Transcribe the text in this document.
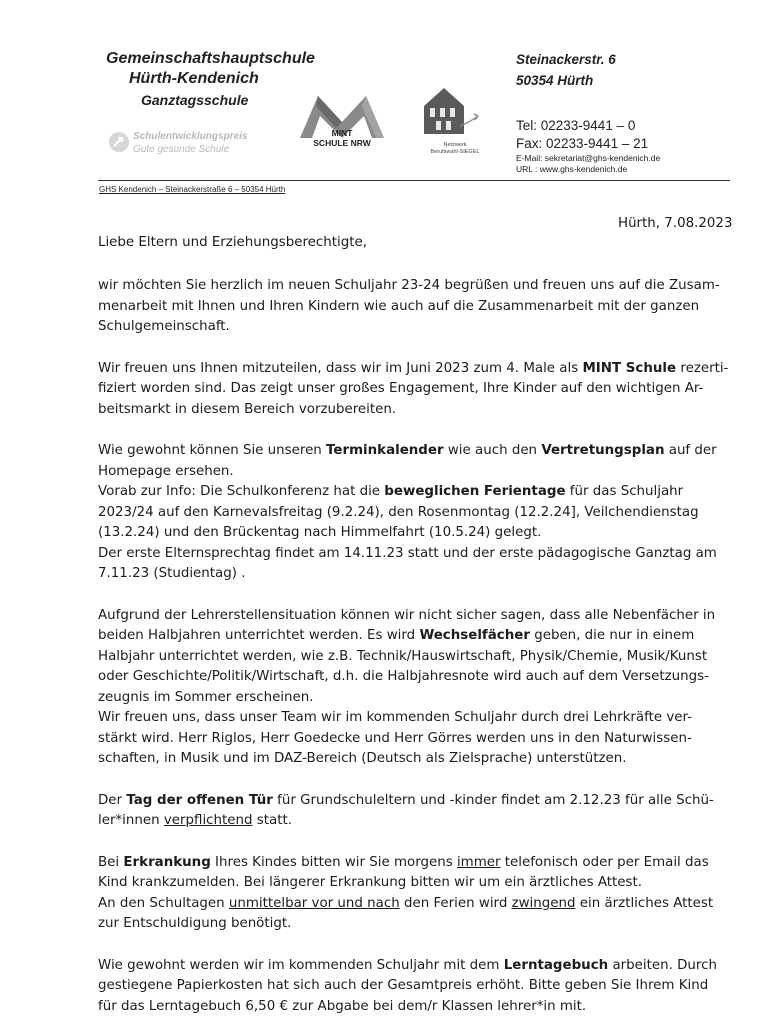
Gemeinschaftshauptschule
Hürth-Kendenich
Ganztagsschule
Steinackerstr. 6
50354 Hürth
Tel: 02233-9441 – 0
Fax: 02233-9441 – 21
E-Mail: sekretariat@ghs-kendenich.de
URL : www.ghs-kendenich.de
Schulentwicklungspreis
Gute gesunde Schule
MINT
SCHULE NRW	Netzwerk
Berufswahl-SIEGEL
GHS Kendenich – Steinackerstraße 6 – 50354 Hürth
Hürth, 7.08.2023
Liebe Eltern und Erziehungsberechtigte,

wir möchten Sie herzlich im neuen Schuljahr 23-24 begrüßen und freuen uns auf die Zusam-menarbeit mit Ihnen und Ihren Kindern wie auch auf die Zusammenarbeit mit der ganzen Schulgemeinschaft.

Wir freuen uns Ihnen mitzuteilen, dass wir im Juni 2023 zum 4. Male als MINT Schule rezerti-fiziert worden sind. Das zeigt unser großes Engagement, Ihre Kinder auf den wichtigen Ar-beitsmarkt in diesem Bereich vorzubereiten.

Wie gewohnt können Sie unseren Terminkalender wie auch den Vertretungsplan auf der Homepage ersehen.

Vorab zur Info: Die Schulkonferenz hat die beweglichen Ferientage für das Schuljahr 2023/24 auf den Karnevalsfreitag (9.2.24), den Rosenmontag (12.2.24], Veilchendienstag (13.2.24) und den Brückentag nach Himmelfahrt (10.5.24) gelegt.

Der erste Elternsprechtag findet am 14.11.23 statt und der erste pädagogische Ganztag am 7.11.23 (Studientag) .

Aufgrund der Lehrerstellensituation können wir nicht sicher sagen, dass alle Nebenfächer in beiden Halbjahren unterrichtet werden. Es wird Wechselfächer geben, die nur in einem Halbjahr unterrichtet werden, wie z.B. Technik/Hauswirtschaft, Physik/Chemie, Musik/Kunst oder Geschichte/Politik/Wirtschaft, d.h. die Halbjahresnote wird auch auf dem Versetzungs-zeugnis im Sommer erscheinen.

Wir freuen uns, dass unser Team wir im kommenden Schuljahr durch drei Lehrkräfte ver-stärkt wird. Herr Riglos, Herr Goedecke und Herr Görres werden uns in den Naturwissen-schaften, in Musik und im DAZ-Bereich (Deutsch als Zielsprache) unterstützen.

Der Tag der offenen Tür für Grundschuleltern und -kinder findet am 2.12.23 für alle Schü-ler*innen verpflichtend statt.

Bei Erkrankung Ihres Kindes bitten wir Sie morgens immer telefonisch oder per Email das Kind krankzumelden. Bei längerer Erkrankung bitten wir um ein ärztliches Attest.

An den Schultagen unmittelbar vor und nach den Ferien wird zwingend ein ärztliches Attest zur Entschuldigung benötigt.

Wie gewohnt werden wir im kommenden Schuljahr mit dem Lerntagebuch arbeiten. Durch gestiegene Papierkosten hat sich auch der Gesamtpreis erhöht. Bitte geben Sie Ihrem Kind für das Lerntagebuch 6,50 € zur Abgabe bei dem/r Klassen lehrer*in mit.
